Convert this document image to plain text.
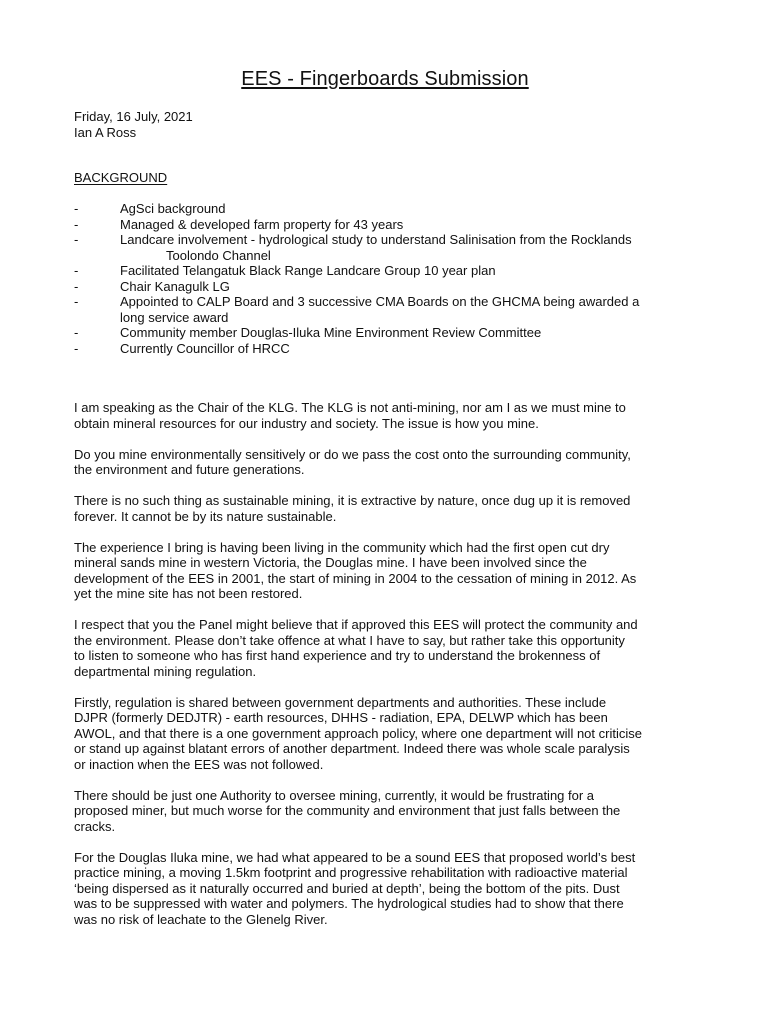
EES - Fingerboards Submission
Friday, 16 July, 2021
Ian A Ross
BACKGROUND
-	AgSci background
-	Managed & developed farm property for 43 years
-	Landcare involvement - hydrological study to understand Salinisation from the Rocklands
Toolondo Channel
-	Facilitated Telangatuk Black Range Landcare Group 10 year plan
-	Chair Kanagulk LG
-	Appointed to CALP Board and 3 successive CMA Boards on the GHCMA being awarded a
long service award
-	Community member Douglas-Iluka Mine Environment Review Committee
-	Currently Councillor of HRCC

I am speaking as the Chair of the KLG. The KLG is not anti-mining, nor am I as we must mine to
obtain mineral resources for our industry and society. The issue is how you mine.

Do you mine environmentally sensitively or do we pass the cost onto the surrounding community,
the environment and future generations.

There is no such thing as sustainable mining, it is extractive by nature, once dug up it is removed
forever. It cannot be by its nature sustainable.

The experience I bring is having been living in the community which had the first open cut dry
mineral sands mine in western Victoria, the Douglas mine. I have been involved since the
development of the EES in 2001, the start of mining in 2004 to the cessation of mining in 2012. As
yet the mine site has not been restored.

I respect that you the Panel might believe that if approved this EES will protect the community and
the environment. Please don’t take offence at what I have to say, but rather take this opportunity
to listen to someone who has first hand experience and try to understand the brokenness of
departmental mining regulation.

Firstly, regulation is shared between government departments and authorities. These include
DJPR (formerly DEDJTR) - earth resources, DHHS - radiation, EPA, DELWP which has been
AWOL, and that there is a one government approach policy, where one department will not criticise
or stand up against blatant errors of another department. Indeed there was whole scale paralysis
or inaction when the EES was not followed.

There should be just one Authority to oversee mining, currently, it would be frustrating for a
proposed miner, but much worse for the community and environment that just falls between the
cracks.

For the Douglas Iluka mine, we had what appeared to be a sound EES that proposed world’s best
practice mining, a moving 1.5km footprint and progressive rehabilitation with radioactive material
‘being dispersed as it naturally occurred and buried at depth’, being the bottom of the pits. Dust
was to be suppressed with water and polymers. The hydrological studies had to show that there
was no risk of leachate to the Glenelg River.
